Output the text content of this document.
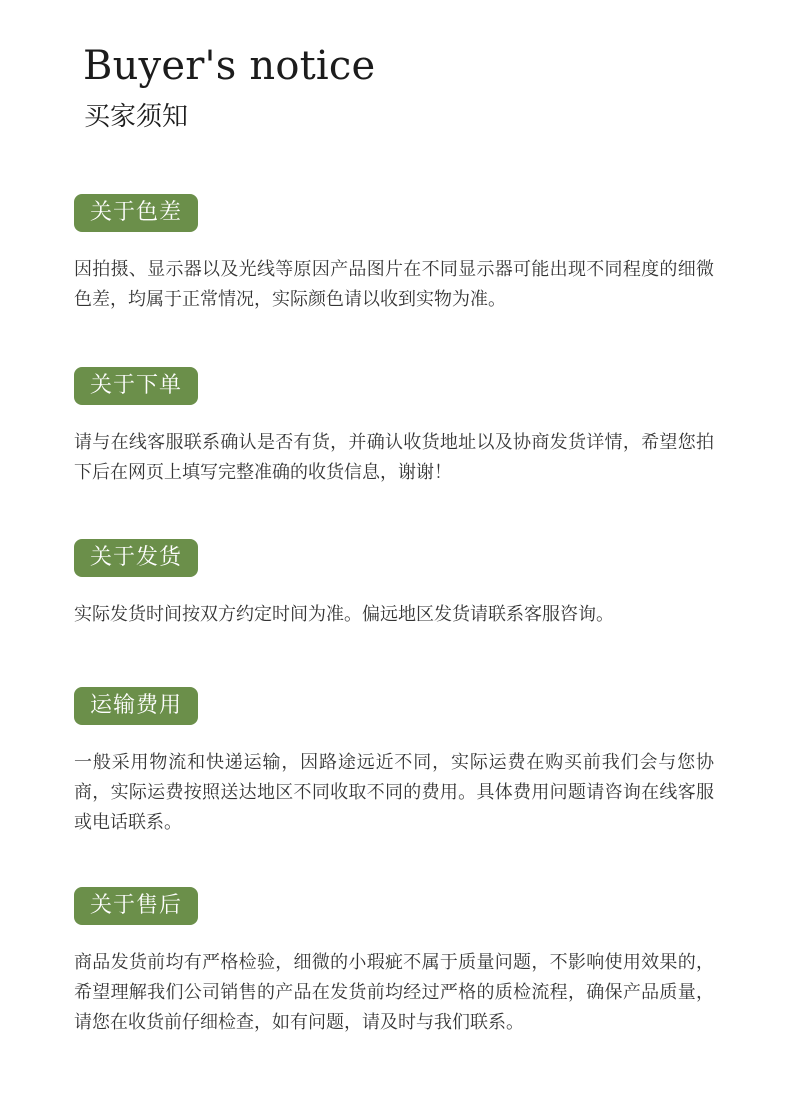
Buyer's notice
买家须知
关于色差

因拍摄、显示器以及光线等原因产品图片在不同显示器可能出现不同程度的细微色差，均属于正常情况，实际颜色请以收到实物为准。

关于下单

请与在线客服联系确认是否有货，并确认收货地址以及协商发货详情，希望您拍下后在网页上填写完整准确的收货信息，谢谢！

关于发货

实际发货时间按双方约定时间为准。偏远地区发货请联系客服咨询。

运输费用

一般采用物流和快递运输，因路途远近不同，实际运费在购买前我们会与您协商，实际运费按照送达地区不同收取不同的费用。具体费用问题请咨询在线客服或电话联系。

关于售后

商品发货前均有严格检验，细微的小瑕疵不属于质量问题，不影响使用效果的，希望理解我们公司销售的产品在发货前均经过严格的质检流程，确保产品质量，请您在收货前仔细检查，如有问题，请及时与我们联系。
